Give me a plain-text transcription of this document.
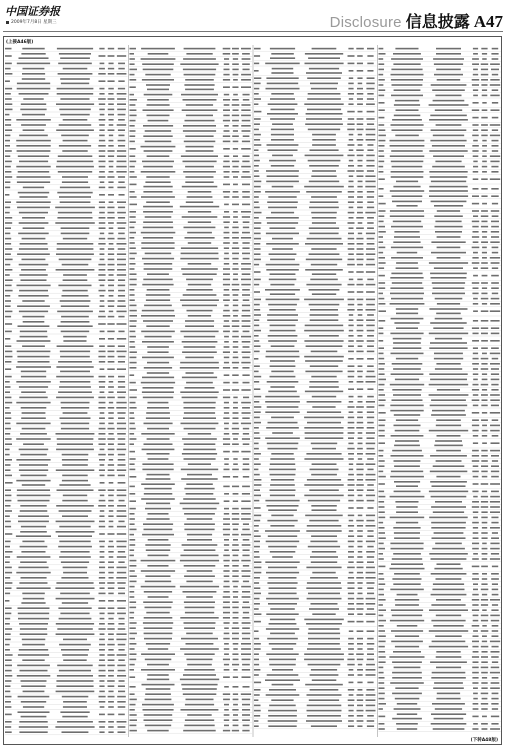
中国证券报
2009年7月8日 星期三	Disclosure 信息披露 A47
(上接A46版)
(下转A48版)
